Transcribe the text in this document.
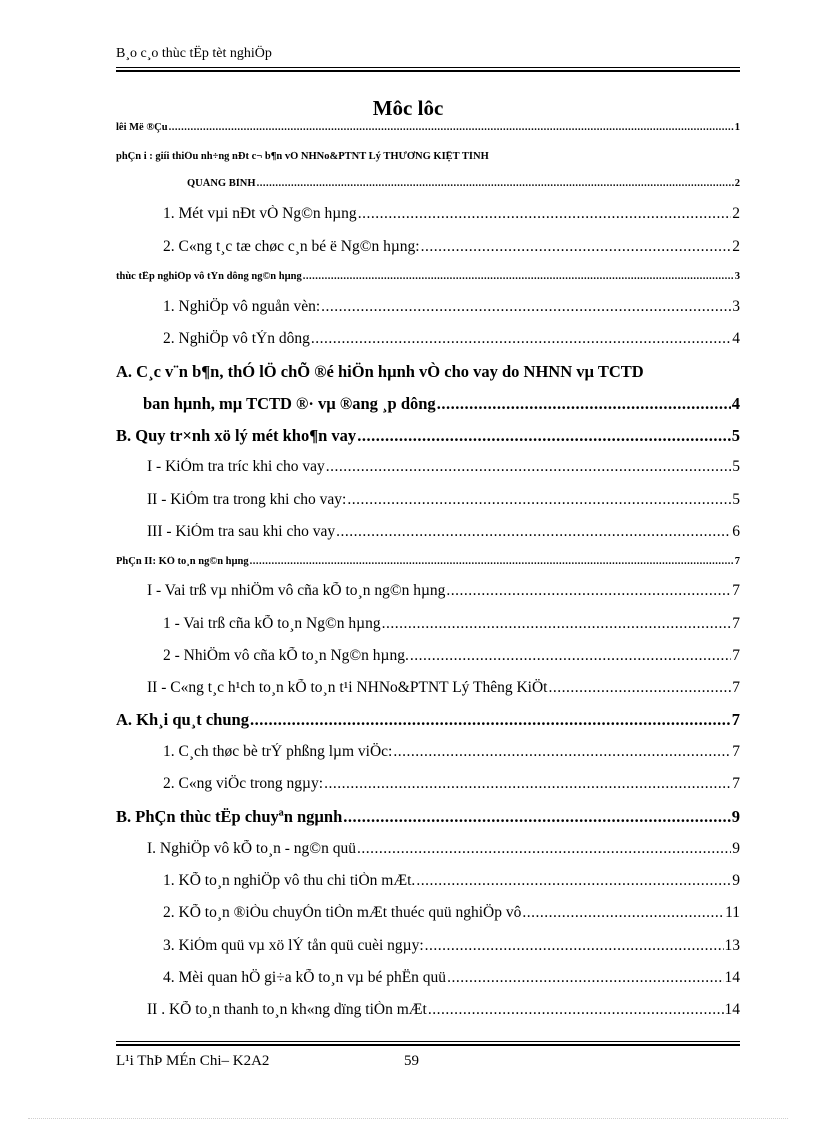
B¸o c¸o thùc tËp tèt nghiÖp
Môc lôc
lêi Më ®Çu .....	1
phÇn i : giíi thiÖu nh÷ng nÐt c¬ b¶n vÒ NHNo&PTNT Lý THƯỜNG KIỆT TỈNH
QUẢNG BÌNH .....	2
1. Mét vµi nÐt vÒ Ng©n hµng .....	2
2. C«ng t¸c tæ chøc c¸n bé ë Ng©n hµng: .....	2
thùc tËp nghiÖp vô tÝn dông ng©n hµng .....	3
1. NghiÖp vô nguån vèn: .....	3
2. NghiÖp vô tÝn dông .....	4
A. C¸c v¨n b¶n, thÓ lÖ chÕ ®é hiÖn hµnh vÒ cho vay do NHNN vµ TCTD
ban hµnh, mµ TCTD ®· vµ ®ang ¸p dông .....	4
B. Quy tr×nh xö lý mét kho¶n vay .....	5
I - KiÓm tra tríc khi cho vay .....	5
II - KiÓm tra trong khi cho vay: .....	5
III - KiÓm tra sau khi cho vay .....	6
PhÇn II: KÕ to¸n ng©n hµng .....	7
I - Vai trß vµ nhiÖm vô cña kÕ to¸n ng©n hµng .....	7
1 - Vai trß cña kÕ to¸n Ng©n hµng .....	7
2 - NhiÖm vô cña kÕ to¸n Ng©n hµng. .....	7
II - C«ng t¸c h¹ch to¸n kÕ to¸n t¹i NHNo&PTNT Lý Thêng KiÖt .....	7
A. Kh¸i qu¸t chung .....	7
1. C¸ch thøc bè trÝ phßng lµm viÖc: .....	7
2. C«ng viÖc trong ngµy: .....	7
B. PhÇn thùc tËp chuyªn ngµnh .....	9
I. NghiÖp vô kÕ to¸n - ng©n quü .....	9
1. KÕ to¸n nghiÖp vô thu chi tiÒn mÆt. .....	9
2. KÕ to¸n ®iÒu chuyÓn tiÒn mÆt thuéc quü nghiÖp vô .....	11
3. KiÓm quü vµ xö lÝ tån quü cuèi ngµy: .....	13
4. Mèi quan hÖ gi÷a kÕ to¸n vµ bé phËn quü .....	14
II . KÕ to¸n thanh to¸n kh«ng dïng tiÒn mÆt .....	14
L¹i ThÞ MÉn Chi– K2A2	59
